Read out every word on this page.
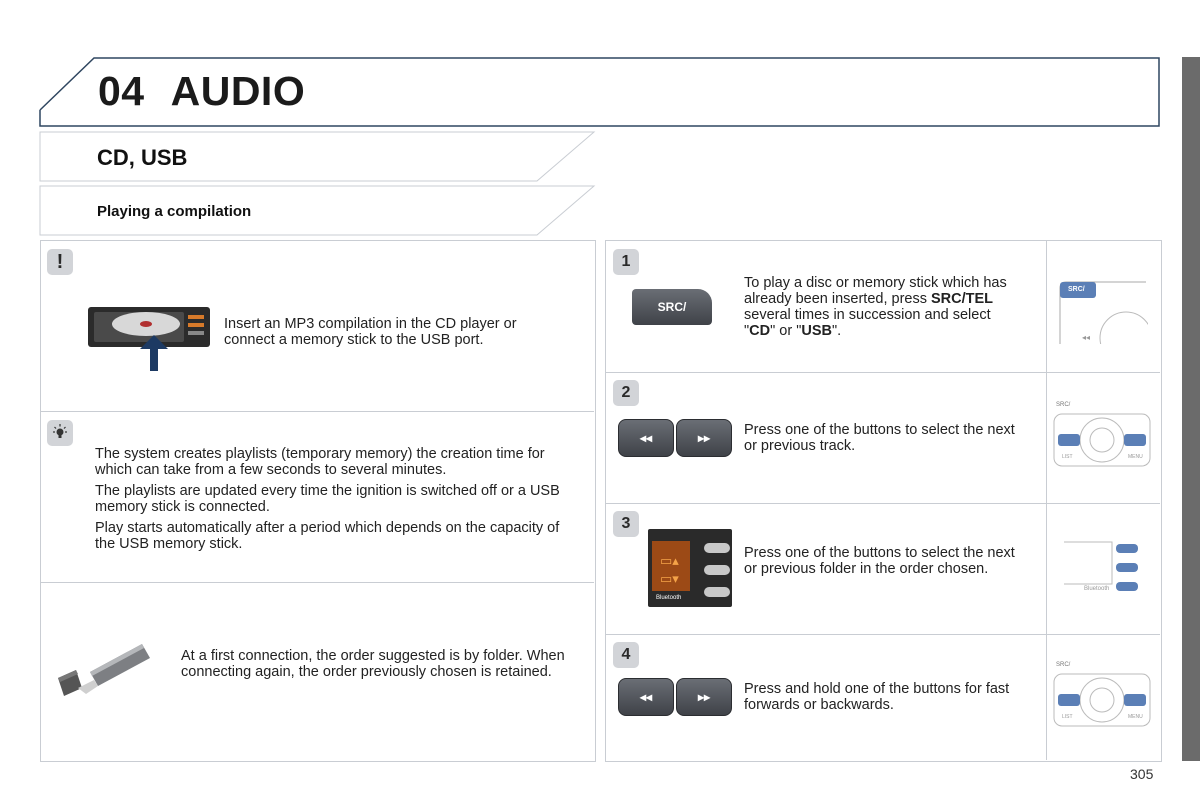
04 AUDIO
CD, USB
Playing a compilation
!
Insert an MP3 compilation in the CD player or connect a memory stick to the USB port.
The system creates playlists (temporary memory) the creation time for which can take from a few seconds to several minutes.
The playlists are updated every time the ignition is switched off or a USB memory stick is connected.
Play starts automatically after a period which depends on the capacity of the USB memory stick.
At a first connection, the order suggested is by folder. When connecting again, the order previously chosen is retained.
1
SRC/
To play a disc or memory stick which has already been inserted, press SRC/TEL several times in succession and select "CD" or "USB".	◂◂
SRC/
2
◂◂	▸▸ Press one of the buttons to select the next or previous track.
SRC/
LIST	MENU
3
▭▴
▭▾
Bluetooth
Press one of the buttons to select the next or previous folder in the order chosen.
Bluetooth
4
◂◂	▸▸ Press and hold one of the buttons for fast forwards or backwards.
SRC/
LIST	MENU
305
